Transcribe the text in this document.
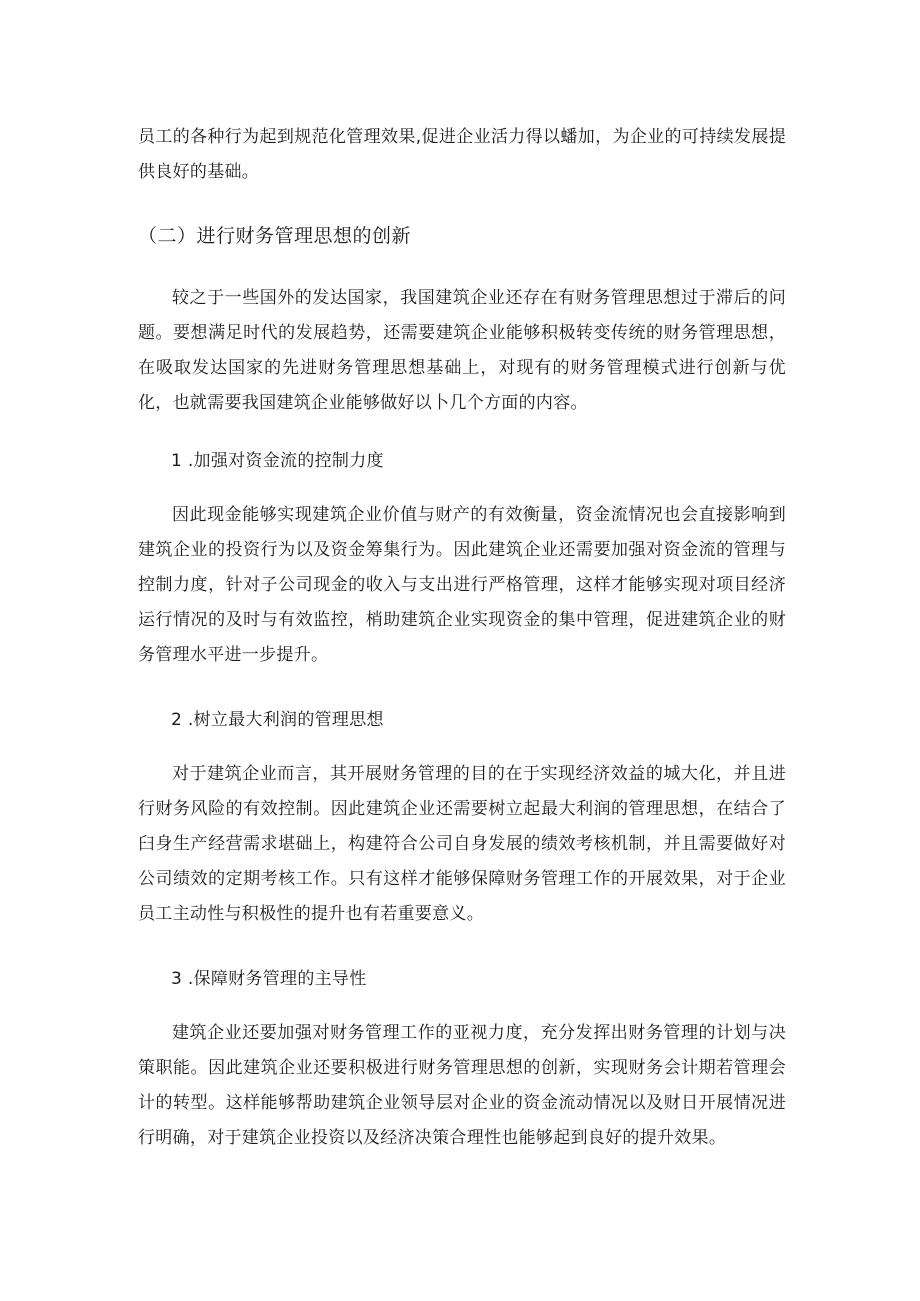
员工的各种行为起到规范化管理效果,促进企业活力得以蟠加，为企业的可持续发展提供良好的基础。
（二）进行财务管理思想的创新
较之于一些国外的发达国家，我国建筑企业还存在有财务管理思想过于滞后的问题。要想满足时代的发展趋势，还需要建筑企业能够积极转变传统的财务管理思想，在吸取发达国家的先进财务管理思想基础上，对现有的财务管理模式进行创新与优化，也就需要我国建筑企业能够做好以卜几个方面的内容。
1 .加强对资金流的控制力度
因此现金能够实现建筑企业价值与财产的有效衡量，资金流情况也会直接影响到建筑企业的投资行为以及资金筹集行为。因此建筑企业还需要加强对资金流的管理与控制力度，针对子公司现金的收入与支出进行严格管理，这样才能够实现对项目经济运行情况的及时与有效监控，梢助建筑企业实现资金的集中管理，促进建筑企业的财务管理水平进一步提升。
2 .树立最大利润的管理思想
对于建筑企业而言，其开展财务管理的目的在于实现经济效益的城大化，并且进行财务风险的有效控制。因此建筑企业还需要树立起最大利润的管理思想，在结合了臼身生产经营需求堪础上，构建符合公司自身发展的绩效考核机制，并且需要做好对公司绩效的定期考核工作。只有这样才能够保障财务管理工作的开展效果，对于企业员工主动性与积极性的提升也有若重要意义。
3 .保障财务管理的主导性
建筑企业还要加强对财务管理工作的亚视力度，充分发挥出财务管理的计划与决策职能。因此建筑企业还要积极进行财务管理思想的创新，实现财务会计期若管理会计的转型。这样能够帮助建筑企业领导层对企业的资金流动情况以及财日开展情况进行明确，对于建筑企业投资以及经济决策合理性也能够起到良好的提升效果。
